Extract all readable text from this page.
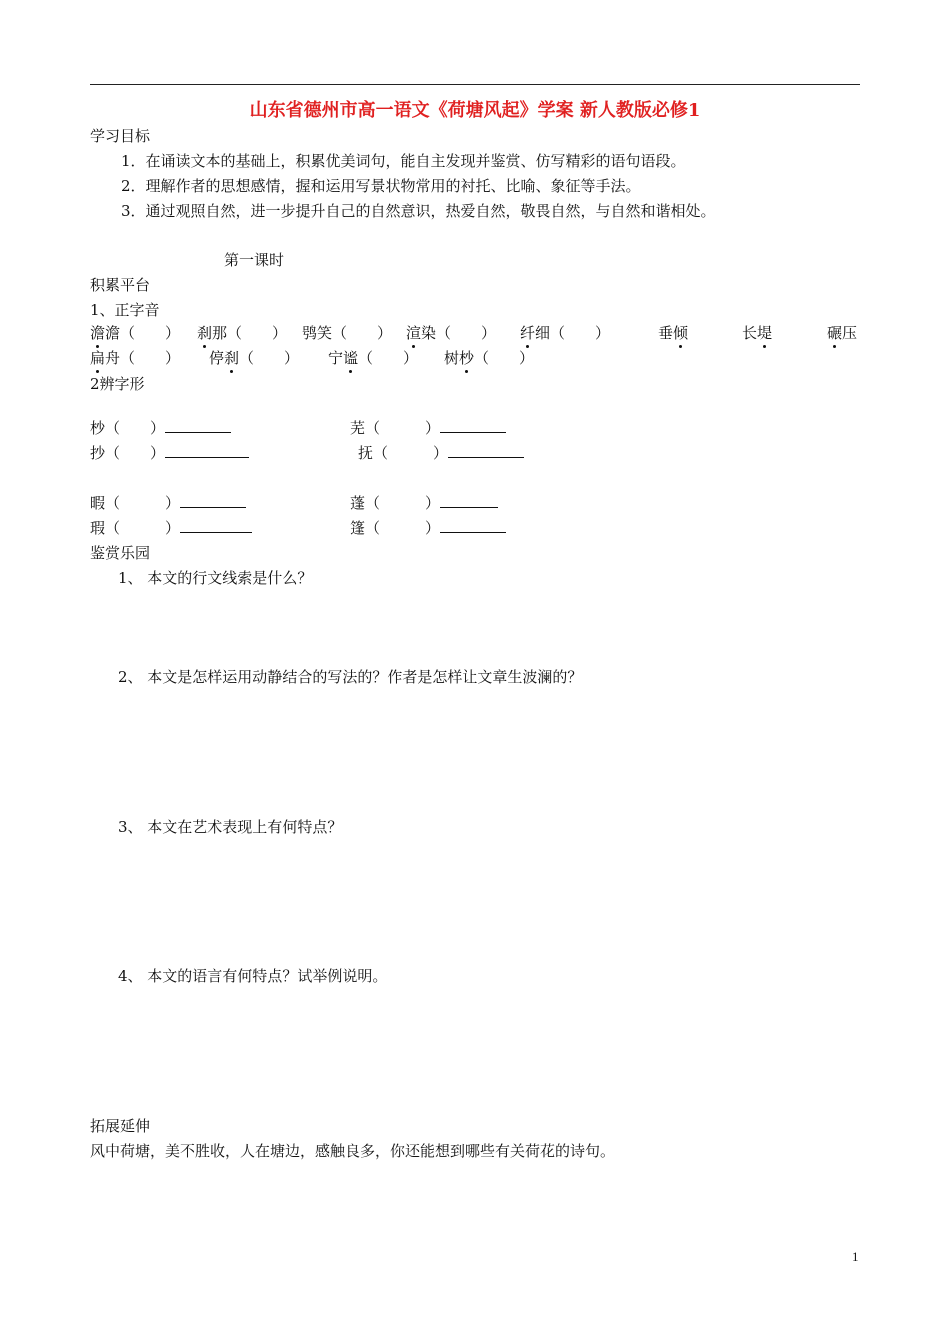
山东省德州市高一语文《荷塘风起》学案 新人教版必修1
学习目标
1．在诵读文本的基础上，积累优美词句，能自主发现并鉴赏、仿写精彩的语句语段。
2．理解作者的思想感情，握和运用写景状物常用的衬托、比喻、象征等手法。
3．通过观照自然，进一步提升自己的自然意识，热爱自然，敬畏自然，与自然和谐相处。
第一课时
积累平台
1、正字音
澹澹（　　） 刹那（　　） 鸮笑（　　） 渲染（　　） 纤细（　　）	垂倾	长堤	碾压
扁舟（　　） 停刹（　　） 宁谧（　　） 树杪（　　）
2辨字形
杪（　　）	芜（　　　）
抄（　　）	抚（　　　）
暇（　　　）	蓬（　　　）
瑕（　　　）	篷（　　　）
鉴赏乐园
1、 本文的行文线索是什么？
2、 本文是怎样运用动静结合的写法的？作者是怎样让文章生波澜的？
3、 本文在艺术表现上有何特点？
4、 本文的语言有何特点？试举例说明。
拓展延伸
风中荷塘，美不胜收，人在塘边，感触良多，你还能想到哪些有关荷花的诗句。
1
